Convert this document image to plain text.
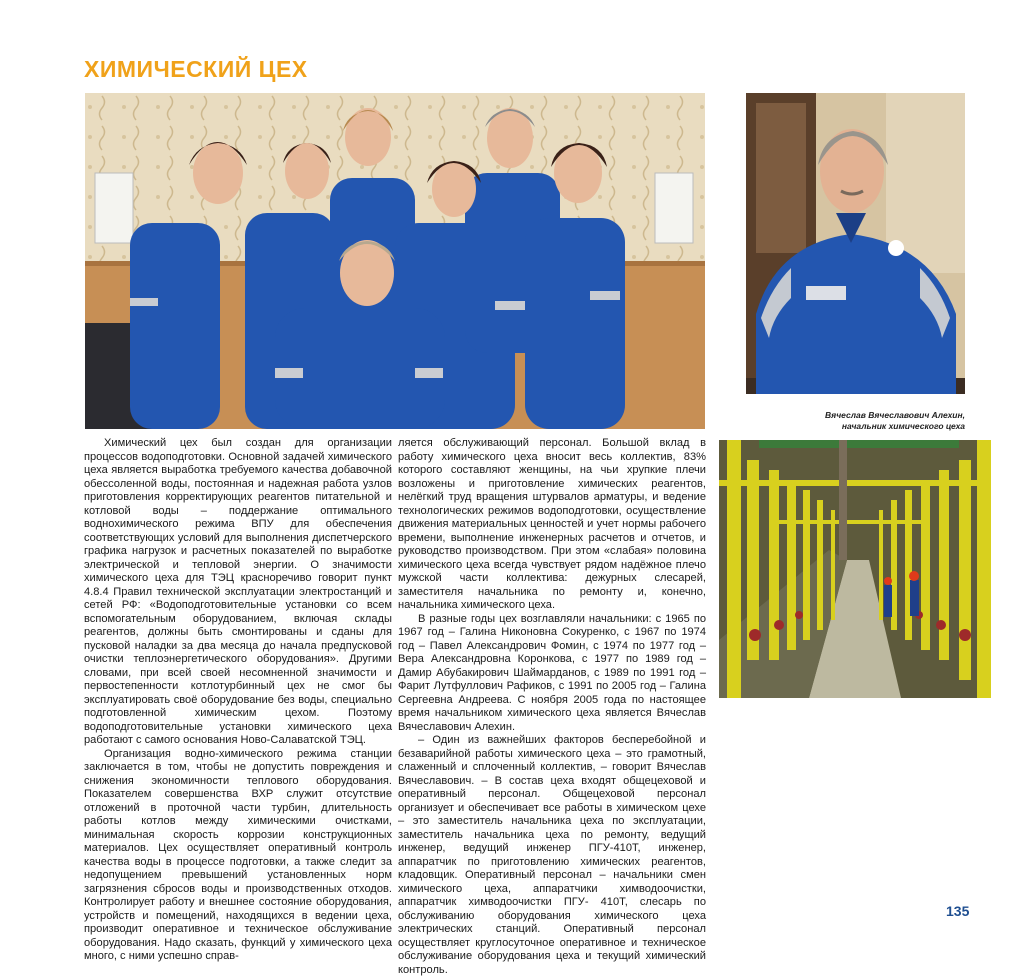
ХИМИЧЕСКИЙ ЦЕХ

Вячеслав Вячеславович Алехин,
начальник химического цеха

Химический цех был создан для организации процессов водоподготовки. Основной задачей химического цеха является выработка требуемого качества добавочной обессоленной воды, постоянная и надежная работа узлов приготовления корректирующих реагентов питательной и котловой воды – поддержание оптимального воднохимического режима ВПУ для обеспечения соответствующих условий для выполнения диспетчерского графика нагрузок и расчетных показателей по выработке электрической и тепловой энергии. О значимости химического цеха для ТЭЦ красноречиво говорит пункт 4.8.4 Правил технической эксплуатации электростанций и сетей РФ: «Водоподготовительные установки со всем вспомогательным оборудованием, включая склады реагентов, должны быть смонтированы и сданы для пусковой наладки за два месяца до начала предпусковой очистки теплоэнергетического оборудования». Другими словами, при всей своей несомненной значимости и первостепенности котлотурбинный цех не смог бы эксплуатировать своё оборудование без воды, специально подготовленной химическим цехом. Поэтому водоподготовительные установки химического цеха работают с самого основания Ново-Салаватской ТЭЦ.

Организация водно-химического режима станции заключается в том, чтобы не допустить повреждения и снижения экономичности теплового оборудования. Показателем совершенства ВХР служит отсутствие отложений в проточной части турбин, длительность работы котлов между химическими очистками, минимальная скорость коррозии конструкционных материалов. Цех осуществляет оперативный контроль качества воды в процессе подготовки, а также следит за недопущением превышений установленных норм загрязнения сбросов воды и производственных отходов. Контролирует работу и внешнее состояние оборудования, устройств и помещений, находящихся в ведении цеха, производит оперативное и техническое обслуживание оборудования. Надо сказать, функций у химического цеха много, с ними успешно справ-

ляется обслуживающий персонал. Большой вклад в работу химического цеха вносит весь коллектив, 83% которого составляют женщины, на чьи хрупкие плечи возложены и приготовление химических реагентов, нелёгкий труд вращения штурвалов арматуры, и ведение технологических режимов водоподготовки, осуществление движения материальных ценностей и учет нормы рабочего времени, выполнение инженерных расчетов и отчетов, и руководство производством. При этом «слабая» половина химического цеха всегда чувствует рядом надёжное плечо мужской части коллектива: дежурных слесарей, заместителя начальника по ремонту и, конечно, начальника химического цеха.

В разные годы цех возглавляли начальники: с 1965 по 1967 год – Галина Никоновна Сокуренко, с 1967 по 1974 год – Павел Александрович Фомин, с 1974 по 1977 год – Вера Александровна Коронкова, с 1977 по 1989 год – Дамир Абубакирович Шаймарданов, с 1989 по 1991 год – Фарит Лутфуллович Рафиков, с 1991 по 2005 год – Галина Сергеевна Андреева. С ноября 2005 года по настоящее время начальником химического цеха является Вячеслав Вячеславович Алехин.

– Один из важнейших факторов бесперебойной и безаварийной работы химического цеха – это грамотный, слаженный и сплоченный коллектив, – говорит Вячеслав Вячеславович. – В состав цеха входят общецеховой и оперативный персонал. Общецеховой персонал организует и обеспечивает все работы в химическом цехе – это заместитель начальника цеха по эксплуатации, заместитель начальника цеха по ремонту, ведущий инженер, ведущий инженер ПГУ-410Т, инженер, аппаратчик по приготовлению химических реагентов, кладовщик. Оперативный персонал – начальники смен химического цеха, аппаратчики химводоочистки, аппаратчик химводоочистки ПГУ- 410Т, слесарь по обслуживанию оборудования химического цеха электрических станций. Оперативный персонал осуществляет круглосуточное оперативное и техническое обслуживание оборудования цеха и текущий химический контроль.

135
